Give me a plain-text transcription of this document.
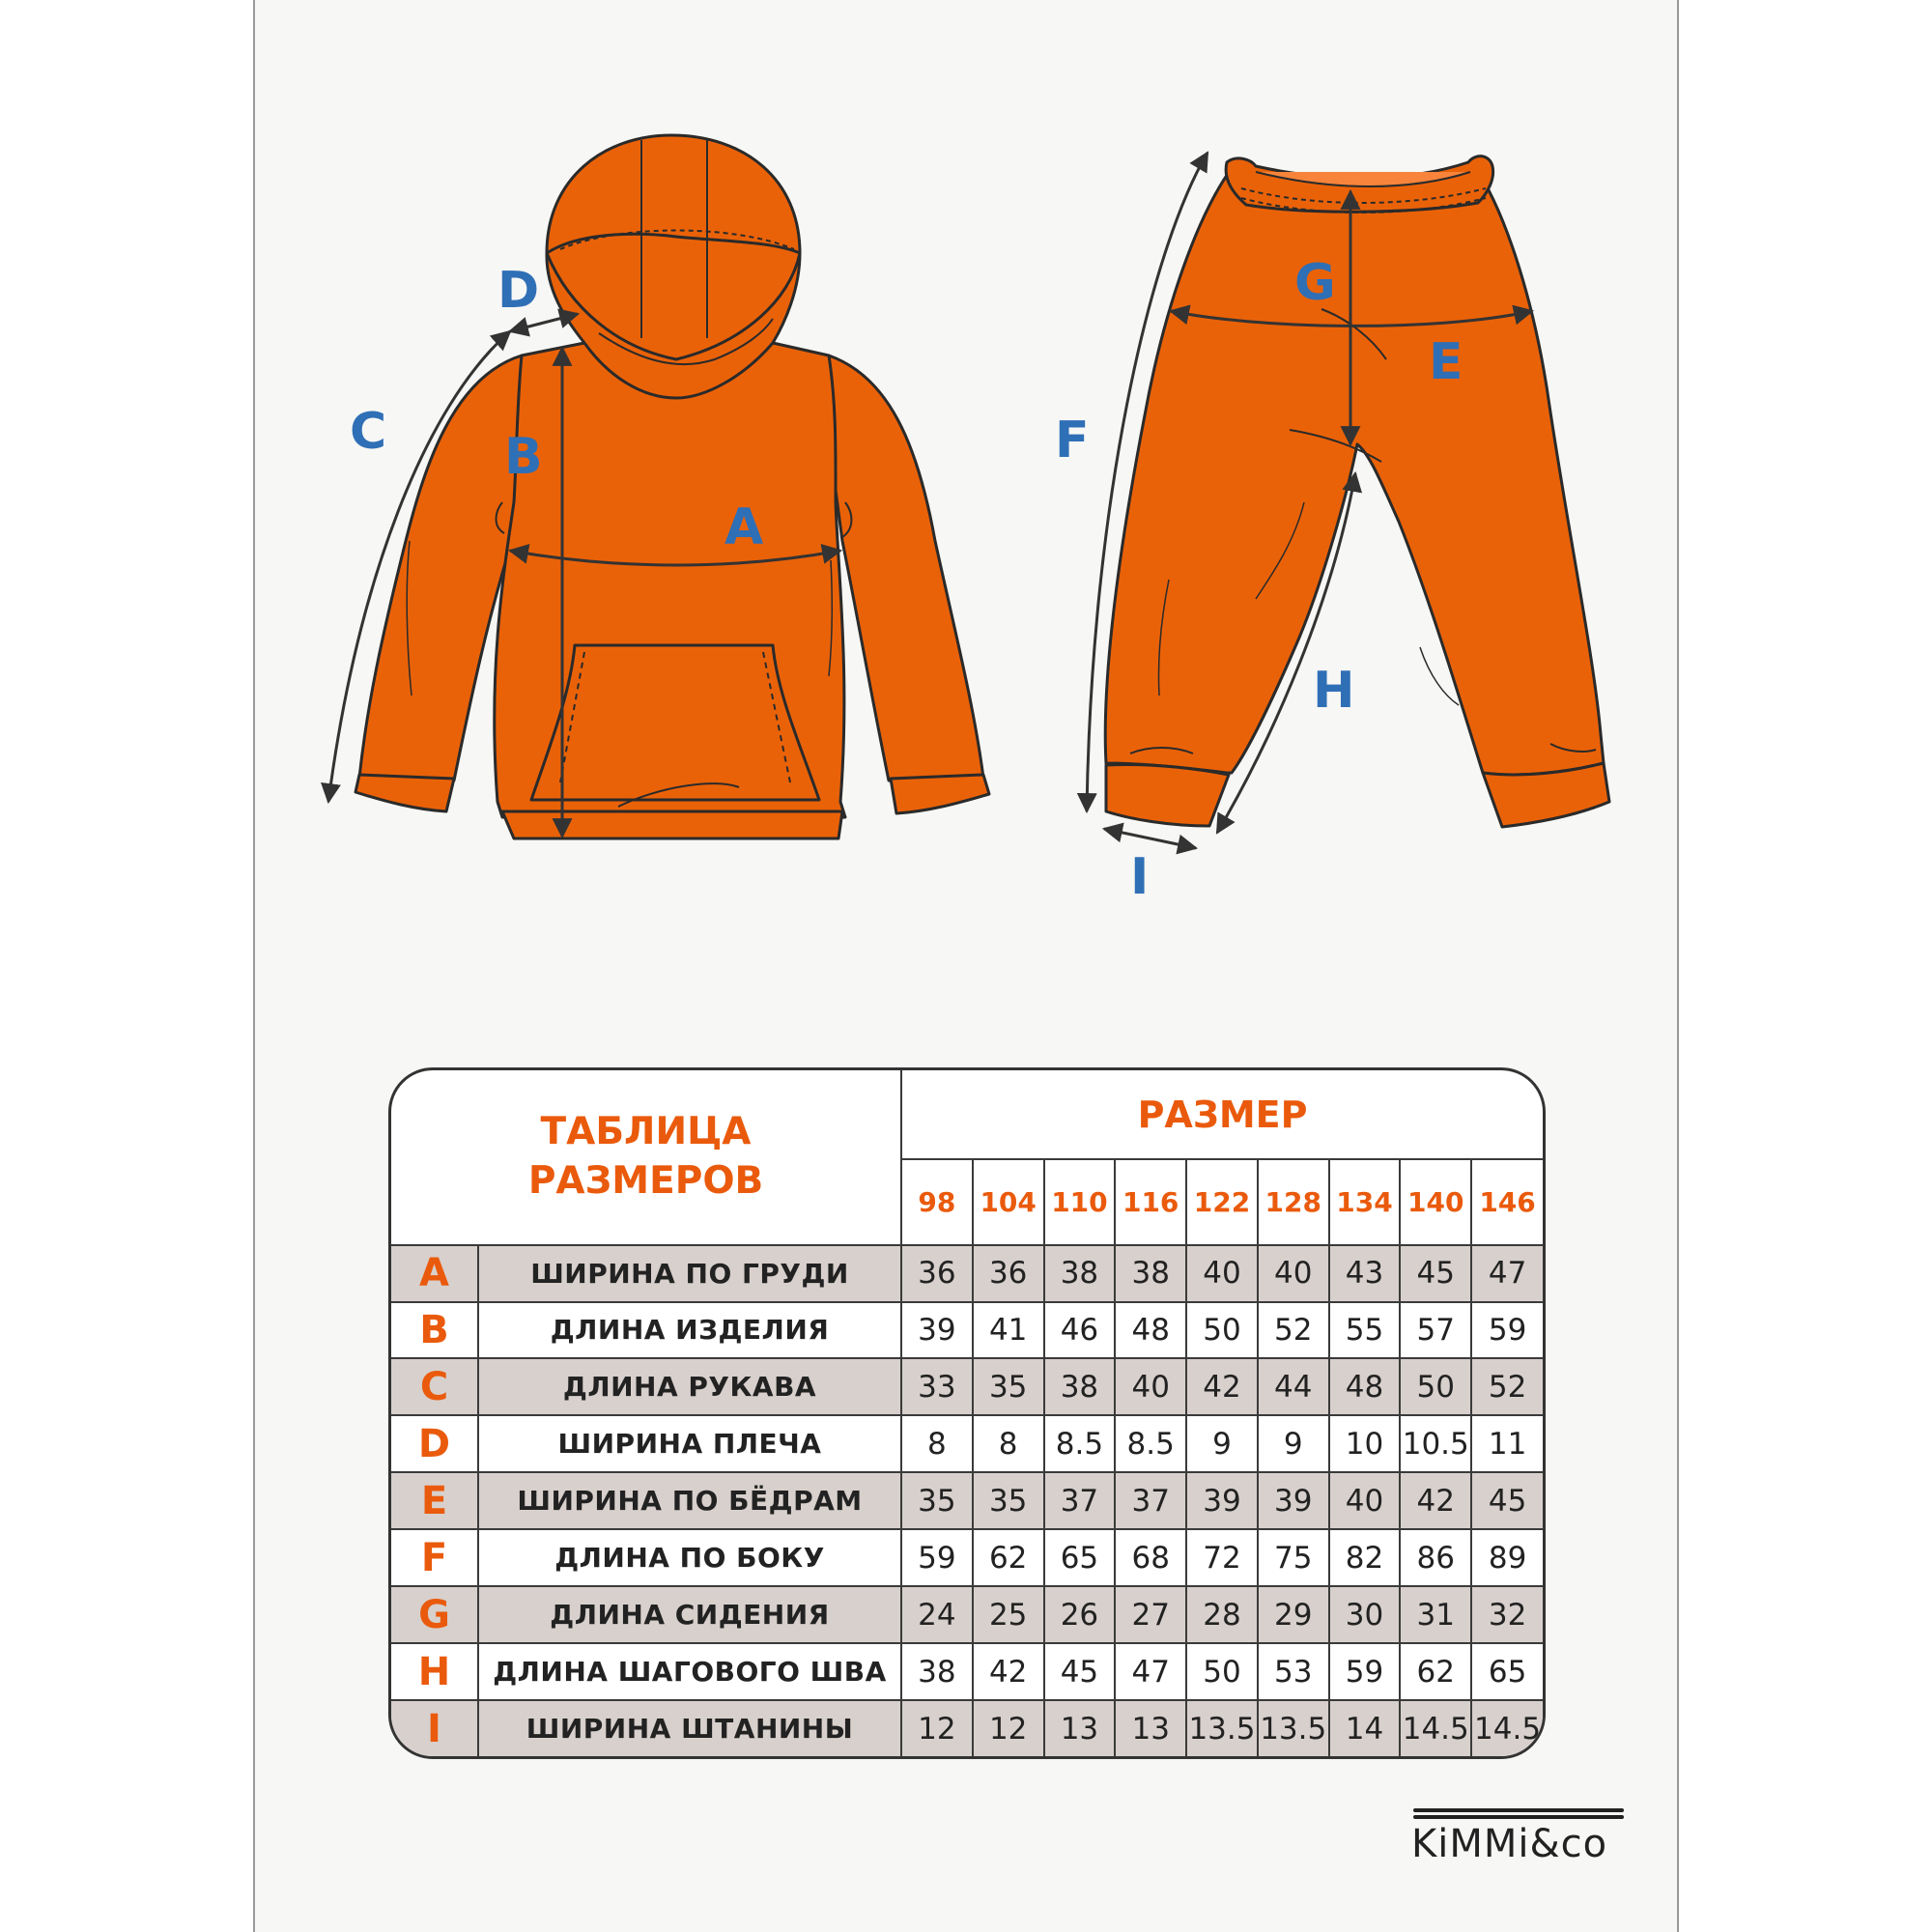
A
B
C
D
E
F
G
H
I
ТАБЛИЦА
РАЗМЕРОВ		РАЗМЕР								
		98	104	110	116	122	128	134	140	146
A	ШИРИНА ПО ГРУДИ	36	36	38	38	40	40	43	45	47
B	ДЛИНА ИЗДЕЛИЯ	39	41	46	48	50	52	55	57	59
C	ДЛИНА РУКАВА	33	35	38	40	42	44	48	50	52
D	ШИРИНА ПЛЕЧА	8	8	8.5	8.5	9	9	10	10.5	11
E	ШИРИНА ПО БЁДРАМ	35	35	37	37	39	39	40	42	45
F	ДЛИНА ПО БОКУ	59	62	65	68	72	75	82	86	89
G	ДЛИНА СИДЕНИЯ	24	25	26	27	28	29	30	31	32
H	ДЛИНА ШАГОВОГО ШВА	38	42	45	47	50	53	59	62	65
I	ШИРИНА ШТАНИНЫ	12	12	13	13	13.5	13.5	14	14.5	14.5
KiMMi&co
